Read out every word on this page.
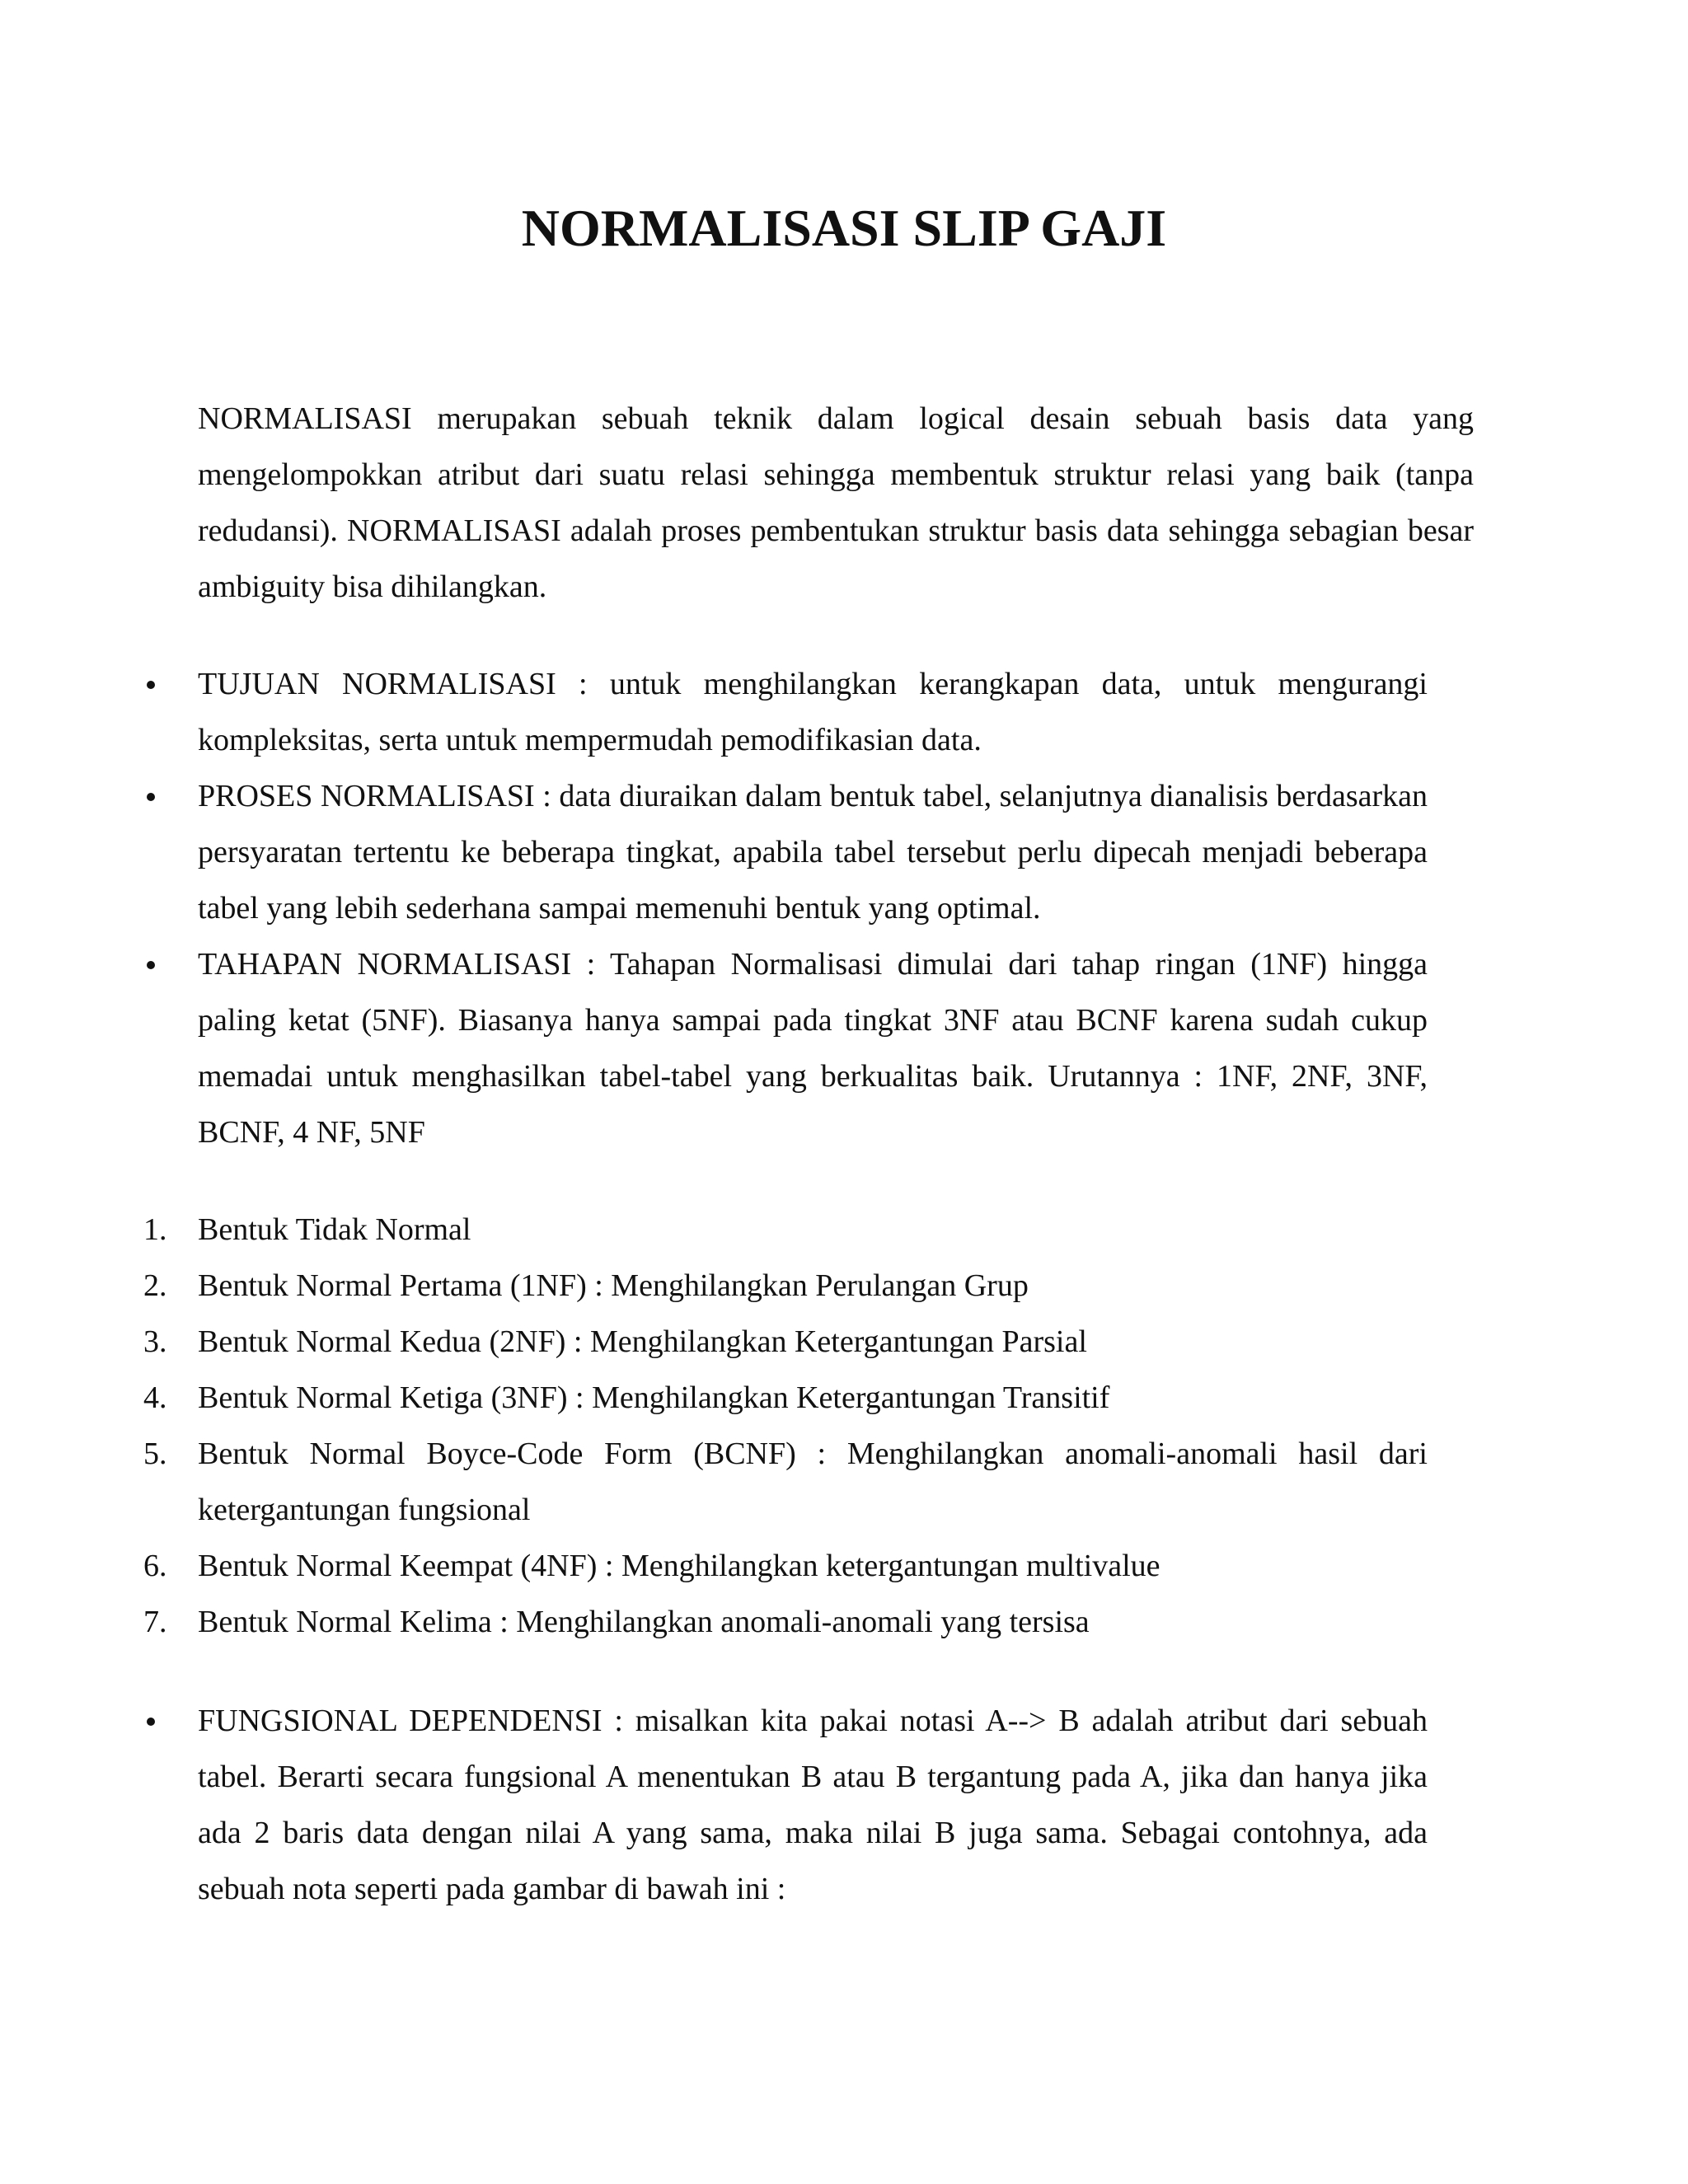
NORMALISASI SLIP GAJI

NORMALISASI merupakan sebuah teknik dalam logical desain sebuah basis data yang mengelompokkan atribut dari suatu relasi sehingga membentuk struktur relasi yang baik (tanpa redudansi). NORMALISASI adalah proses pembentukan struktur basis data sehingga sebagian besar ambiguity bisa dihilangkan.

TUJUAN NORMALISASI : untuk menghilangkan kerangkapan data, untuk mengurangi kompleksitas, serta untuk mempermudah pemodifikasian data.
PROSES NORMALISASI : data diuraikan dalam bentuk tabel, selanjutnya dianalisis berdasarkan persyaratan tertentu ke beberapa tingkat, apabila tabel tersebut perlu dipecah menjadi beberapa tabel yang lebih sederhana sampai memenuhi bentuk yang optimal.
TAHAPAN NORMALISASI : Tahapan Normalisasi dimulai dari tahap ringan (1NF) hingga paling ketat (5NF). Biasanya hanya sampai pada tingkat 3NF atau BCNF karena sudah cukup memadai untuk menghasilkan tabel-tabel yang berkualitas baik. Urutannya : 1NF, 2NF, 3NF, BCNF, 4 NF, 5NF
1. Bentuk Tidak Normal
2. Bentuk Normal Pertama (1NF) : Menghilangkan Perulangan Grup
3. Bentuk Normal Kedua (2NF) : Menghilangkan Ketergantungan Parsial
4. Bentuk Normal Ketiga (3NF) : Menghilangkan Ketergantungan Transitif
5. Bentuk Normal Boyce-Code Form (BCNF) : Menghilangkan anomali-anomali hasil dari ketergantungan fungsional
6. Bentuk Normal Keempat (4NF) : Menghilangkan ketergantungan multivalue
7. Bentuk Normal Kelima : Menghilangkan anomali-anomali yang tersisa
FUNGSIONAL DEPENDENSI : misalkan kita pakai notasi A--> B adalah atribut dari sebuah tabel. Berarti secara fungsional A menentukan B atau B tergantung pada A, jika dan hanya jika ada 2 baris data dengan nilai A yang sama, maka nilai B juga sama. Sebagai contohnya, ada sebuah nota seperti pada gambar di bawah ini :
